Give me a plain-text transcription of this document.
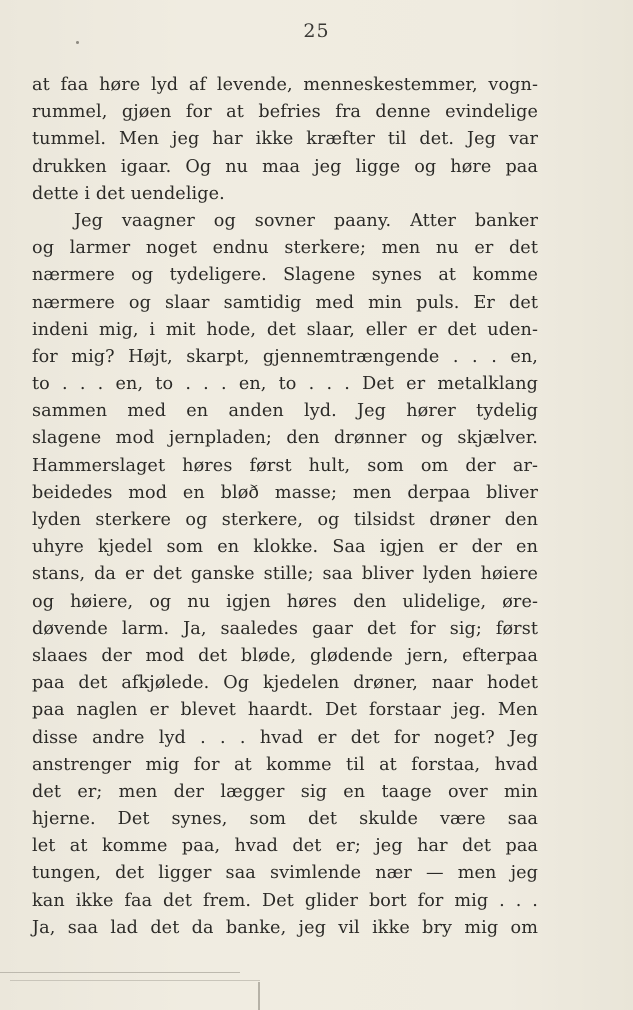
25
at faa høre lyd af levende, menneskestemmer, vogn-
rummel, gjøen for at befries fra denne evindelige
tummel. Men jeg har ikke kræfter til det. Jeg var
drukken igaar. Og nu maa jeg ligge og høre paa
dette i det uendelige.
Jeg vaagner og sovner paany. Atter banker
og larmer noget endnu sterkere; men nu er det
nærmere og tydeligere. Slagene synes at komme
nærmere og slaar samtidig med min puls. Er det
indeni mig, i mit hode, det slaar, eller er det uden-
for mig? Højt, skarpt, gjennemtrængende . . . en,
to . . . en, to . . . en, to . . . Det er metalklang
sammen med en anden lyd. Jeg hører tydelig
slagene mod jernpladen; den drønner og skjælver.
Hammerslaget høres først hult, som om der ar-
beidedes mod en bløð masse; men derpaa bliver
lyden sterkere og sterkere, og tilsidst drøner den
uhyre kjedel som en klokke. Saa igjen er der en
stans, da er det ganske stille; saa bliver lyden høiere
og høiere, og nu igjen høres den ulidelige, øre-
døvende larm. Ja, saaledes gaar det for sig; først
slaaes der mod det bløde, glødende jern, efterpaa
paa det afkjølede. Og kjedelen drøner, naar hodet
paa naglen er blevet haardt. Det forstaar jeg. Men
disse andre lyd . . . hvad er det for noget? Jeg
anstrenger mig for at komme til at forstaa, hvad
det er; men der lægger sig en taage over min
hjerne. Det synes, som det skulde være saa
let at komme paa, hvad det er; jeg har det paa
tungen, det ligger saa svimlende nær — men jeg
kan ikke faa det frem. Det glider bort for mig . . .
Ja, saa lad det da banke, jeg vil ikke bry mig om
